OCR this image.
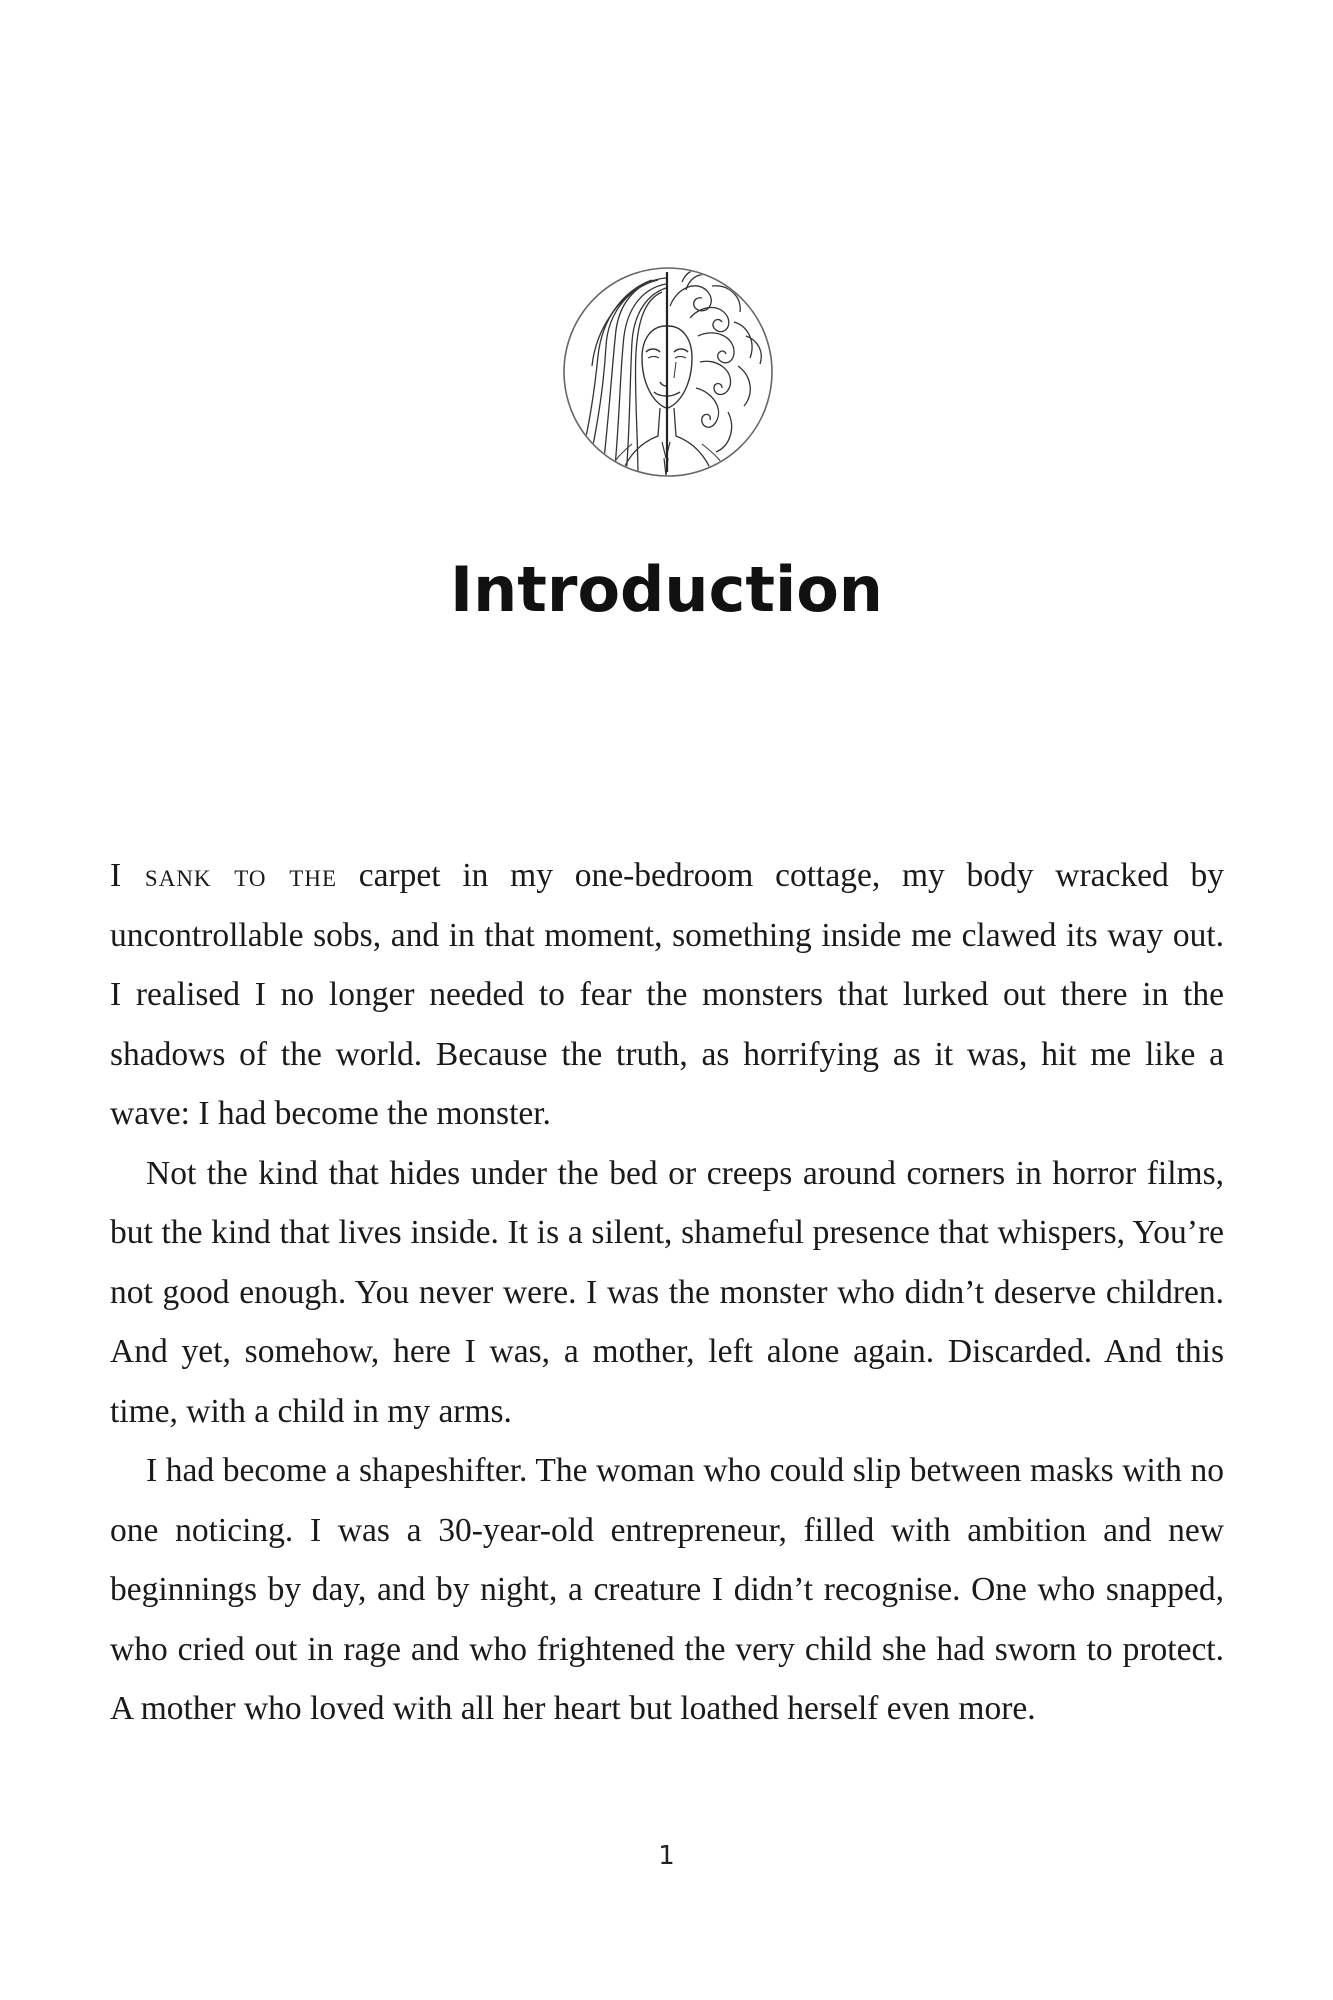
Introduction

I sank to the carpet in my one-bedroom cottage, my body wracked by uncontrollable sobs, and in that moment, something inside me clawed its way out. I realised I no longer needed to fear the monsters that lurked out there in the shadows of the world. Because the truth, as horrifying as it was, hit me like a wave: I had become the monster.

Not the kind that hides under the bed or creeps around corners in horror films, but the kind that lives inside. It is a silent, shameful presence that whispers, You’re not good enough. You never were. I was the monster who didn’t deserve children. And yet, somehow, here I was, a mother, left alone again. Discarded. And this time, with a child in my arms.

I had become a shapeshifter. The woman who could slip between masks with no one noticing. I was a 30-year-old entrepreneur, filled with ambition and new beginnings by day, and by night, a creature I didn’t recognise. One who snapped, who cried out in rage and who frightened the very child she had sworn to protect. A mother who loved with all her heart but loathed herself even more.

1
